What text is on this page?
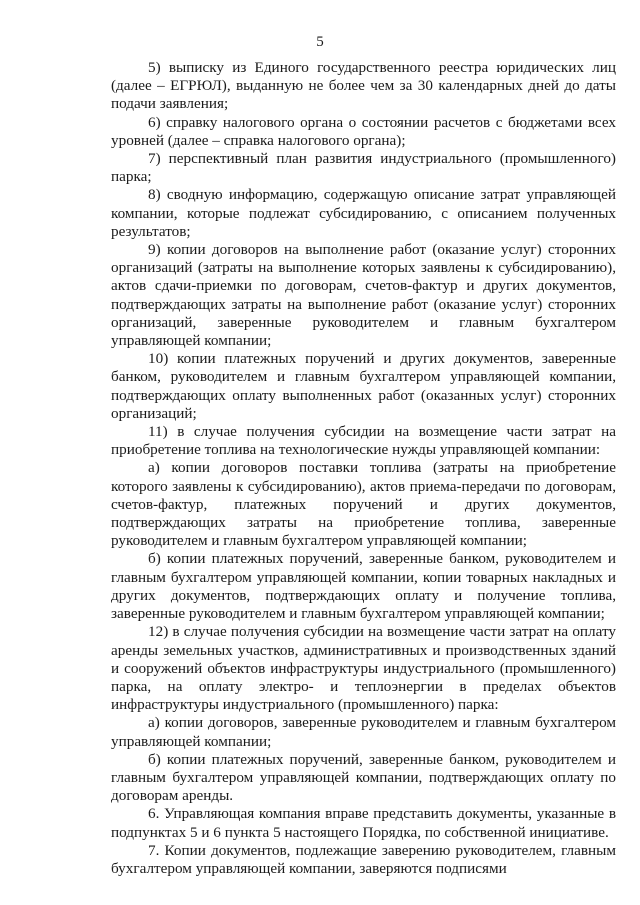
5

5) выписку из Единого государственного реестра юридических лиц (далее – ЕГРЮЛ), выданную не более чем за 30 календарных дней до даты подачи заявления;

6) справку налогового органа о состоянии расчетов с бюджетами всех уровней (далее – справка налогового органа);

7) перспективный план развития индустриального (промышленного) парка;

8) сводную информацию, содержащую описание затрат управляющей компании, которые подлежат субсидированию, с описанием полученных результатов;

9) копии договоров на выполнение работ (оказание услуг) сторонних организаций (затраты на выполнение которых заявлены к субсидированию), актов сдачи-приемки по договорам, счетов-фактур и других документов, подтверждающих затраты на выполнение работ (оказание услуг) сторонних организаций, заверенные руководителем и главным бухгалтером управляющей компании;

10) копии платежных поручений и других документов, заверенные банком, руководителем и главным бухгалтером управляющей компании, подтверждающих оплату выполненных работ (оказанных услуг) сторонних организаций;

11) в случае получения субсидии на возмещение части затрат на приобретение топлива на технологические нужды управляющей компании:

а) копии договоров поставки топлива (затраты на приобретение которого заявлены к субсидированию), актов приема-передачи по договорам, счетов-фактур, платежных поручений и других документов, подтверждающих затраты на приобретение топлива, заверенные руководителем и главным бухгалтером управляющей компании;

б) копии платежных поручений, заверенные банком, руководителем и главным бухгалтером управляющей компании, копии товарных накладных и других документов, подтверждающих оплату и получение топлива, заверенные руководителем и главным бухгалтером управляющей компании;

12) в случае получения субсидии на возмещение части затрат на оплату аренды земельных участков, административных и производственных зданий и сооружений объектов инфраструктуры индустриального (промышленного) парка, на оплату электро- и теплоэнергии в пределах объектов инфраструктуры индустриального (промышленного) парка:

а) копии договоров, заверенные руководителем и главным бухгалтером управляющей компании;

б) копии платежных поручений, заверенные банком, руководителем и главным бухгалтером управляющей компании, подтверждающих оплату по договорам аренды.

6. Управляющая компания вправе представить документы, указанные в подпунктах 5 и 6 пункта 5 настоящего Порядка, по собственной инициативе.

7. Копии документов, подлежащие заверению руководителем, главным бухгалтером управляющей компании, заверяются подписями
